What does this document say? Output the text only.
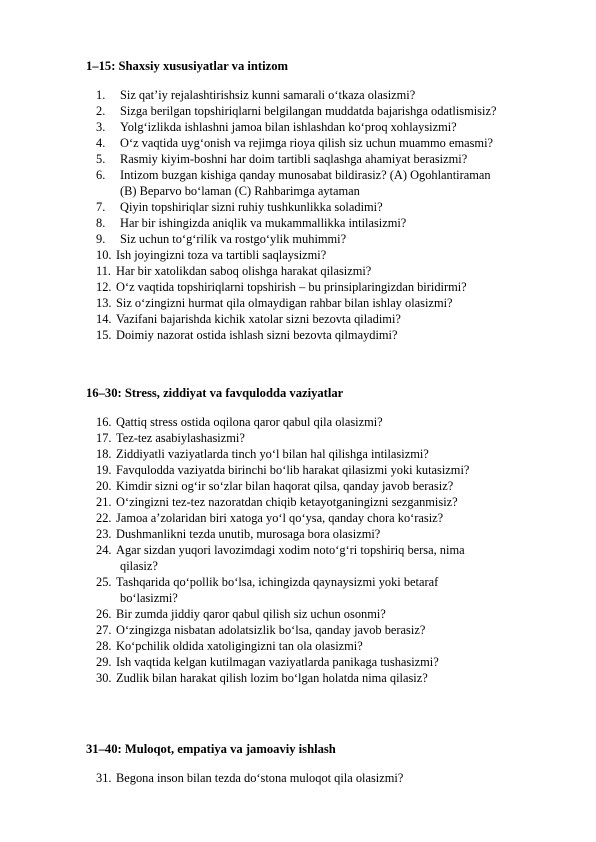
1–15: Shaxsiy xususiyatlar va intizom
1.	Siz qat’iy rejalashtirishsiz kunni samarali o‘tkaza olasizmi?
2.	Sizga berilgan topshiriqlarni belgilangan muddatda bajarishga odatlismisiz?
3.	Yolg‘izlikda ishlashni jamoa bilan ishlashdan ko‘proq xohlaysizmi?
4.	O‘z vaqtida uyg‘onish va rejimga rioya qilish siz uchun muammo emasmi?
5.	Rasmiy kiyim-boshni har doim tartibli saqlashga ahamiyat berasizmi?
6.	Intizom buzgan kishiga qanday munosabat bildirasiz? (A) Ogohlantiraman
(B) Beparvo bo‘laman (C) Rahbarimga aytaman
7.	Qiyin topshiriqlar sizni ruhiy tushkunlikka soladimi?
8.	Har bir ishingizda aniqlik va mukammallikka intilasizmi?
9.	Siz uchun to‘g‘rilik va rostgo‘ylik muhimmi?
10. Ish joyingizni toza va tartibli saqlaysizmi?
11. Har bir xatolikdan saboq olishga harakat qilasizmi?
12. O‘z vaqtida topshiriqlarni topshirish – bu prinsiplaringizdan biridirmi?
13. Siz o‘zingizni hurmat qila olmaydigan rahbar bilan ishlay olasizmi?
14. Vazifani bajarishda kichik xatolar sizni bezovta qiladimi?
15. Doimiy nazorat ostida ishlash sizni bezovta qilmaydimi?
16–30: Stress, ziddiyat va favqulodda vaziyatlar
16. Qattiq stress ostida oqilona qaror qabul qila olasizmi?
17. Tez-tez asabiylashasizmi?
18. Ziddiyatli vaziyatlarda tinch yo‘l bilan hal qilishga intilasizmi?
19. Favqulodda vaziyatda birinchi bo‘lib harakat qilasizmi yoki kutasizmi?
20. Kimdir sizni og‘ir so‘zlar bilan haqorat qilsa, qanday javob berasiz?
21. O‘zingizni tez-tez nazoratdan chiqib ketayotganingizni sezganmisiz?
22. Jamoa a’zolaridan biri xatoga yo‘l qo‘ysa, qanday chora ko‘rasiz?
23. Dushmanlikni tezda unutib, murosaga bora olasizmi?
24. Agar sizdan yuqori lavozimdagi xodim noto‘g‘ri topshiriq bersa, nima
qilasiz?
25. Tashqarida qo‘pollik bo‘lsa, ichingizda qaynaysizmi yoki betaraf
bo‘lasizmi?
26. Bir zumda jiddiy qaror qabul qilish siz uchun osonmi?
27. O‘zingizga nisbatan adolatsizlik bo‘lsa, qanday javob berasiz?
28. Ko‘pchilik oldida xatoligingizni tan ola olasizmi?
29. Ish vaqtida kelgan kutilmagan vaziyatlarda panikaga tushasizmi?
30. Zudlik bilan harakat qilish lozim bo‘lgan holatda nima qilasiz?
31–40: Muloqot, empatiya va jamoaviy ishlash
31. Begona inson bilan tezda do‘stona muloqot qila olasizmi?
